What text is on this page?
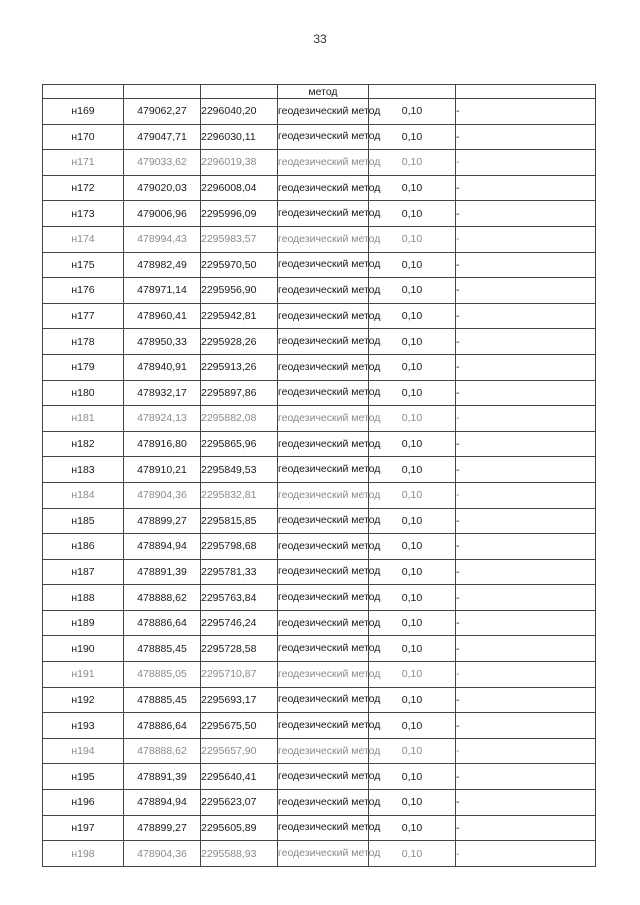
33
			метод		
н169	479062,27	2296040,20	геодезический метод	0,10	-
н170	479047,71	2296030,11	геодезический метод	0,10	-
н171	479033,62	2296019,38	геодезический метод	0,10	-
н172	479020,03	2296008,04	геодезический метод	0,10	-
н173	479006,96	2295996,09	геодезический метод	0,10	-
н174	478994,43	2295983,57	геодезический метод	0,10	-
н175	478982,49	2295970,50	геодезический метод	0,10	-
н176	478971,14	2295956,90	геодезический метод	0,10	-
н177	478960,41	2295942,81	геодезический метод	0,10	-
н178	478950,33	2295928,26	геодезический метод	0,10	-
н179	478940,91	2295913,26	геодезический метод	0,10	-
н180	478932,17	2295897,86	геодезический метод	0,10	-
н181	478924,13	2295882,08	геодезический метод	0,10	-
н182	478916,80	2295865,96	геодезический метод	0,10	-
н183	478910,21	2295849,53	геодезический метод	0,10	-
н184	478904,36	2295832,81	геодезический метод	0,10	-
н185	478899,27	2295815,85	геодезический метод	0,10	-
н186	478894,94	2295798,68	геодезический метод	0,10	-
н187	478891,39	2295781,33	геодезический метод	0,10	-
н188	478888,62	2295763,84	геодезический метод	0,10	-
н189	478886,64	2295746,24	геодезический метод	0,10	-
н190	478885,45	2295728,58	геодезический метод	0,10	-
н191	478885,05	2295710,87	геодезический метод	0,10	-
н192	478885,45	2295693,17	геодезический метод	0,10	-
н193	478886,64	2295675,50	геодезический метод	0,10	-
н194	478888,62	2295657,90	геодезический метод	0,10	-
н195	478891,39	2295640,41	геодезический метод	0,10	-
н196	478894,94	2295623,07	геодезический метод	0,10	-
н197	478899,27	2295605,89	геодезический метод	0,10	-
н198	478904,36	2295588,93	геодезический метод	0,10	-
